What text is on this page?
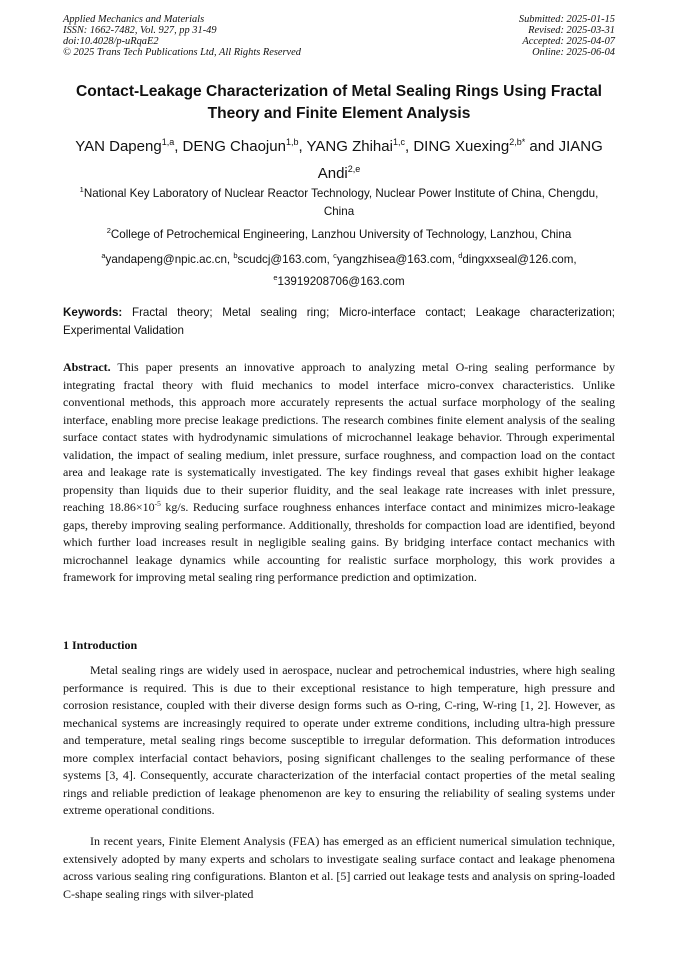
Applied Mechanics and Materials
ISSN: 1662-7482, Vol. 927, pp 31-49
doi:10.4028/p-uRqaE2
© 2025 Trans Tech Publications Ltd, All Rights Reserved
Submitted: 2025-01-15
Revised: 2025-03-31
Accepted: 2025-04-07
Online: 2025-06-04
Contact-Leakage Characterization of Metal Sealing Rings Using Fractal Theory and Finite Element Analysis
YAN Dapeng$^{1,a}$, DENG Chaojun$^{1,b}$, YANG Zhihai$^{1,c}$, DING Xuexing$^{2,b*}$ and JIANG Andi$^{2,e}$
$^1$National Key Laboratory of Nuclear Reactor Technology, Nuclear Power Institute of China, Chengdu, China
$^2$College of Petrochemical Engineering, Lanzhou University of Technology, Lanzhou, China
$^a$yandapeng@npic.ac.cn, $^b$scudcj@163.com, $^c$yangzhisea@163.com, $^d$dingxxseal@126.com, $^e$13919208706@163.com
Keywords: Fractal theory; Metal sealing ring; Micro-interface contact; Leakage characterization; Experimental Validation
Abstract. This paper presents an innovative approach to analyzing metal O-ring sealing performance by integrating fractal theory with fluid mechanics to model interface micro-convex characteristics. Unlike conventional methods, this approach more accurately represents the actual surface morphology of the sealing interface, enabling more precise leakage predictions. The research combines finite element analysis of the sealing surface contact states with hydrodynamic simulations of microchannel leakage behavior. Through experimental validation, the impact of sealing medium, inlet pressure, surface roughness, and compaction load on the contact area and leakage rate is systematically investigated. The key findings reveal that gases exhibit higher leakage propensity than liquids due to their superior fluidity, and the seal leakage rate increases with inlet pressure, reaching $18.86\times 10^{-5}$ kg/s. Reducing surface roughness enhances interface contact and minimizes micro-leakage gaps, thereby improving sealing performance. Additionally, thresholds for compaction load are identified, beyond which further load increases result in negligible sealing gains. By bridging interface contact mechanics with microchannel leakage dynamics while accounting for realistic surface morphology, this work provides a framework for improving metal sealing ring performance prediction and optimization.
1 Introduction
Metal sealing rings are widely used in aerospace, nuclear and petrochemical industries, where high sealing performance is required. This is due to their exceptional resistance to high temperature, high pressure and corrosion resistance, coupled with their diverse design forms such as O-ring, C-ring, W-ring [1, 2]. However, as mechanical systems are increasingly required to operate under extreme conditions, including ultra-high pressure and temperature, metal sealing rings become susceptible to irregular deformation. This deformation introduces more complex interfacial contact behaviors, posing significant challenges to the sealing performance of these systems [3, 4]. Consequently, accurate characterization of the interfacial contact properties of the metal sealing rings and reliable prediction of leakage phenomenon are key to ensuring the reliability of sealing systems under extreme operational conditions.
In recent years, Finite Element Analysis (FEA) has emerged as an efficient numerical simulation technique, extensively adopted by many experts and scholars to investigate sealing surface contact and leakage phenomena across various sealing ring configurations. Blanton et al. [5] carried out leakage tests and analysis on spring-loaded C-shape sealing rings with silver-plated
